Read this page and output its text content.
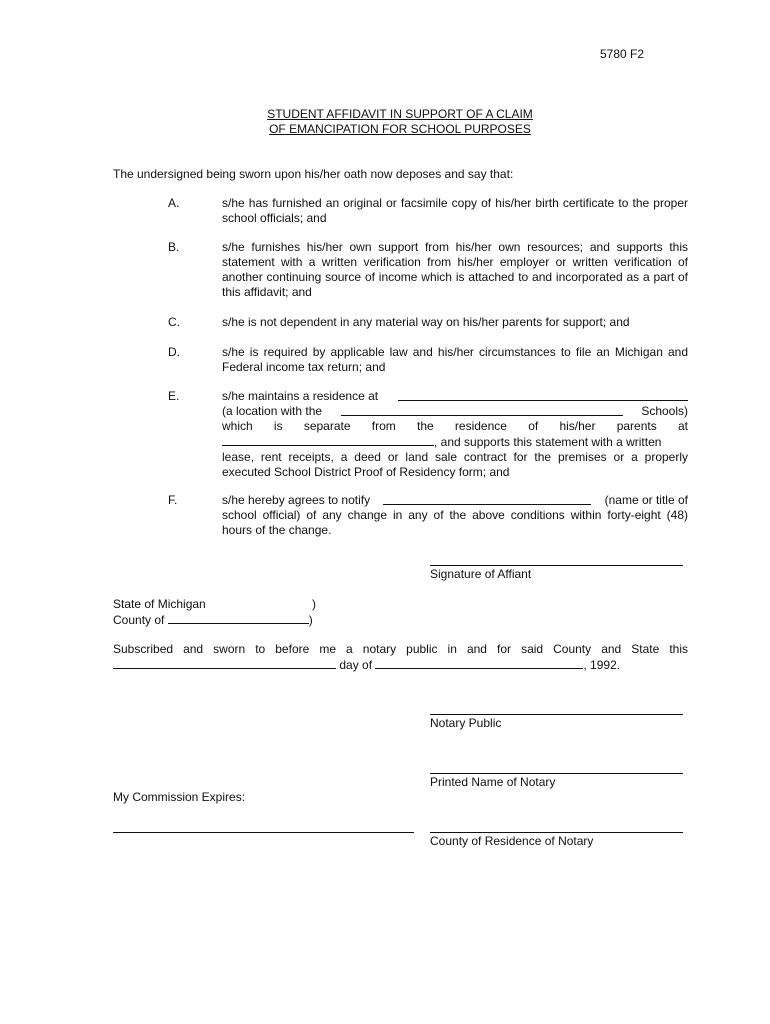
5780 F2
STUDENT AFFIDAVIT IN SUPPORT OF A CLAIM
OF EMANCIPATION FOR SCHOOL PURPOSES
The undersigned being sworn upon his/her oath now deposes and say that:
A.	s/he has furnished an original or facsimile copy of his/her birth certificate to the proper school officials; and
B.	s/he furnishes his/her own support from his/her own resources; and supports this statement with a written verification from his/her employer or written verification of another continuing source of income which is attached to and incorporated as a part of this affidavit; and
C.	s/he is not dependent in any material way on his/her parents for support; and
D.	s/he is required by applicable law and his/her circumstances to file an Michigan and Federal income tax return; and
E.	s/he maintains a residence at
(a location with the	Schools)
which is separate from the residence of his/her parents at
, and supports this statement with a written
lease, rent receipts, a deed or land sale contract for the premises or a properly
executed School District Proof of Residency form; and
F.	s/he hereby agrees to notify	(name or title of
school official) of any change in any of the above conditions within forty-eight (48)
hours of the change.
Signature of Affiant
State of Michigan	)
County of	)
Subscribed and sworn to before me a notary public in and for said County and State this
day of	, 1992.
Notary Public
Printed Name of Notary
My Commission Expires:
County of Residence of Notary
